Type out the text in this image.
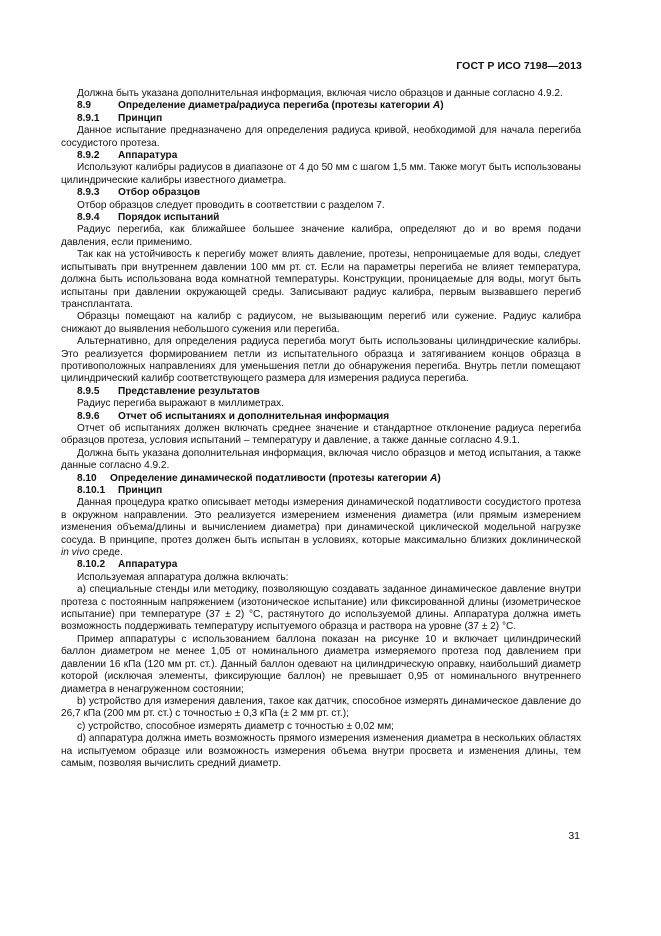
ГОСТ Р ИСО 7198—2013

Должна быть указана дополнительная информация, включая число образцов и данные согласно 4.9.2.

8.9	Определение диаметра/радиуса перегиба (протезы категории А)
8.9.1 Принцип

Данное испытание предназначено для определения радиуса кривой, необходимой для начала перегиба сосудистого протеза.

8.9.2 Аппаратура

Используют калибры радиусов в диапазоне от 4 до 50 мм с шагом 1,5 мм. Также могут быть использованы цилиндрические калибры известного диаметра.

8.9.3 Отбор образцов

Отбор образцов следует проводить в соответствии с разделом 7.

8.9.4 Порядок испытаний

Радиус перегиба, как ближайшее большее значение калибра, определяют до и во время подачи давления, если применимо.

Так как на устойчивость к перегибу может влиять давление, протезы, непроницаемые для воды, следует испытывать при внутреннем давлении 100 мм рт. ст. Если на параметры перегиба не влияет температура, должна быть использована вода комнатной температуры. Конструкции, проницаемые для воды, могут быть испытаны при давлении окружающей среды. Записывают радиус калибра, первым вызвавшего перегиб трансплантата.

Образцы помещают на калибр с радиусом, не вызывающим перегиб или сужение. Радиус калибра снижают до выявления небольшого сужения или перегиба.

Альтернативно, для определения радиуса перегиба могут быть использованы цилиндрические калибры. Это реализуется формированием петли из испытательного образца и затягиванием концов образца в противоположных направлениях для уменьшения петли до обнаружения перегиба. Внутрь петли помещают цилиндрический калибр соответствующего размера для измерения радиуса перегиба.

8.9.5 Представление результатов

Радиус перегиба выражают в миллиметрах.

8.9.6 Отчет об испытаниях и дополнительная информация

Отчет об испытаниях должен включать среднее значение и стандартное отклонение радиуса перегиба образцов протеза, условия испытаний – температуру и давление, а также данные согласно 4.9.1.

Должна быть указана дополнительная информация, включая число образцов и метод испытания, а также данные согласно 4.9.2.

8.10 Определение динамической податливости (протезы категории А)
8.10.1 Принцип

Данная процедура кратко описывает методы измерения динамической податливости сосудистого протеза в окружном направлении. Это реализуется измерением изменения диаметра (или прямым измерением изменения объема/длины и вычислением диаметра) при динамической циклической модельной нагрузке сосуда. В принципе, протез должен быть испытан в условиях, которые максимально близких доклинической in vivo среде.

8.10.2 Аппаратура

Используемая аппаратура должна включать:

а) специальные стенды или методику, позволяющую создавать заданное динамическое давление внутри протеза с постоянным напряжением (изотоническое испытание) или фиксированной длины (изометрическое испытание) при температуре (37 ± 2) °С, растянутого до используемой длины. Аппаратура должна иметь возможность поддерживать температуру испытуемого образца и раствора на уровне (37 ± 2) °С.

Пример аппаратуры с использованием баллона показан на рисунке 10 и включает цилиндрический баллон диаметром не менее 1,05 от номинального диаметра измеряемого протеза под давлением при давлении 16 кПа (120 мм рт. ст.). Данный баллон одевают на цилиндрическую оправку, наибольший диаметр которой (исключая элементы, фиксирующие баллон) не превышает 0,95 от номинального внутреннего диаметра в ненагруженном состоянии;

b) устройство для измерения давления, такое как датчик, способное измерять динамическое давление до 26,7 кПа (200 мм рт. ст.) с точностью ± 0,3 кПа (± 2 мм рт. ст.);

c) устройство, способное измерять диаметр с точностью ± 0,02 мм;

d) аппаратура должна иметь возможность прямого измерения изменения диаметра в нескольких областях на испытуемом образце или возможность измерения объема внутри просвета и изменения длины, тем самым, позволяя вычислить средний диаметр.

31
